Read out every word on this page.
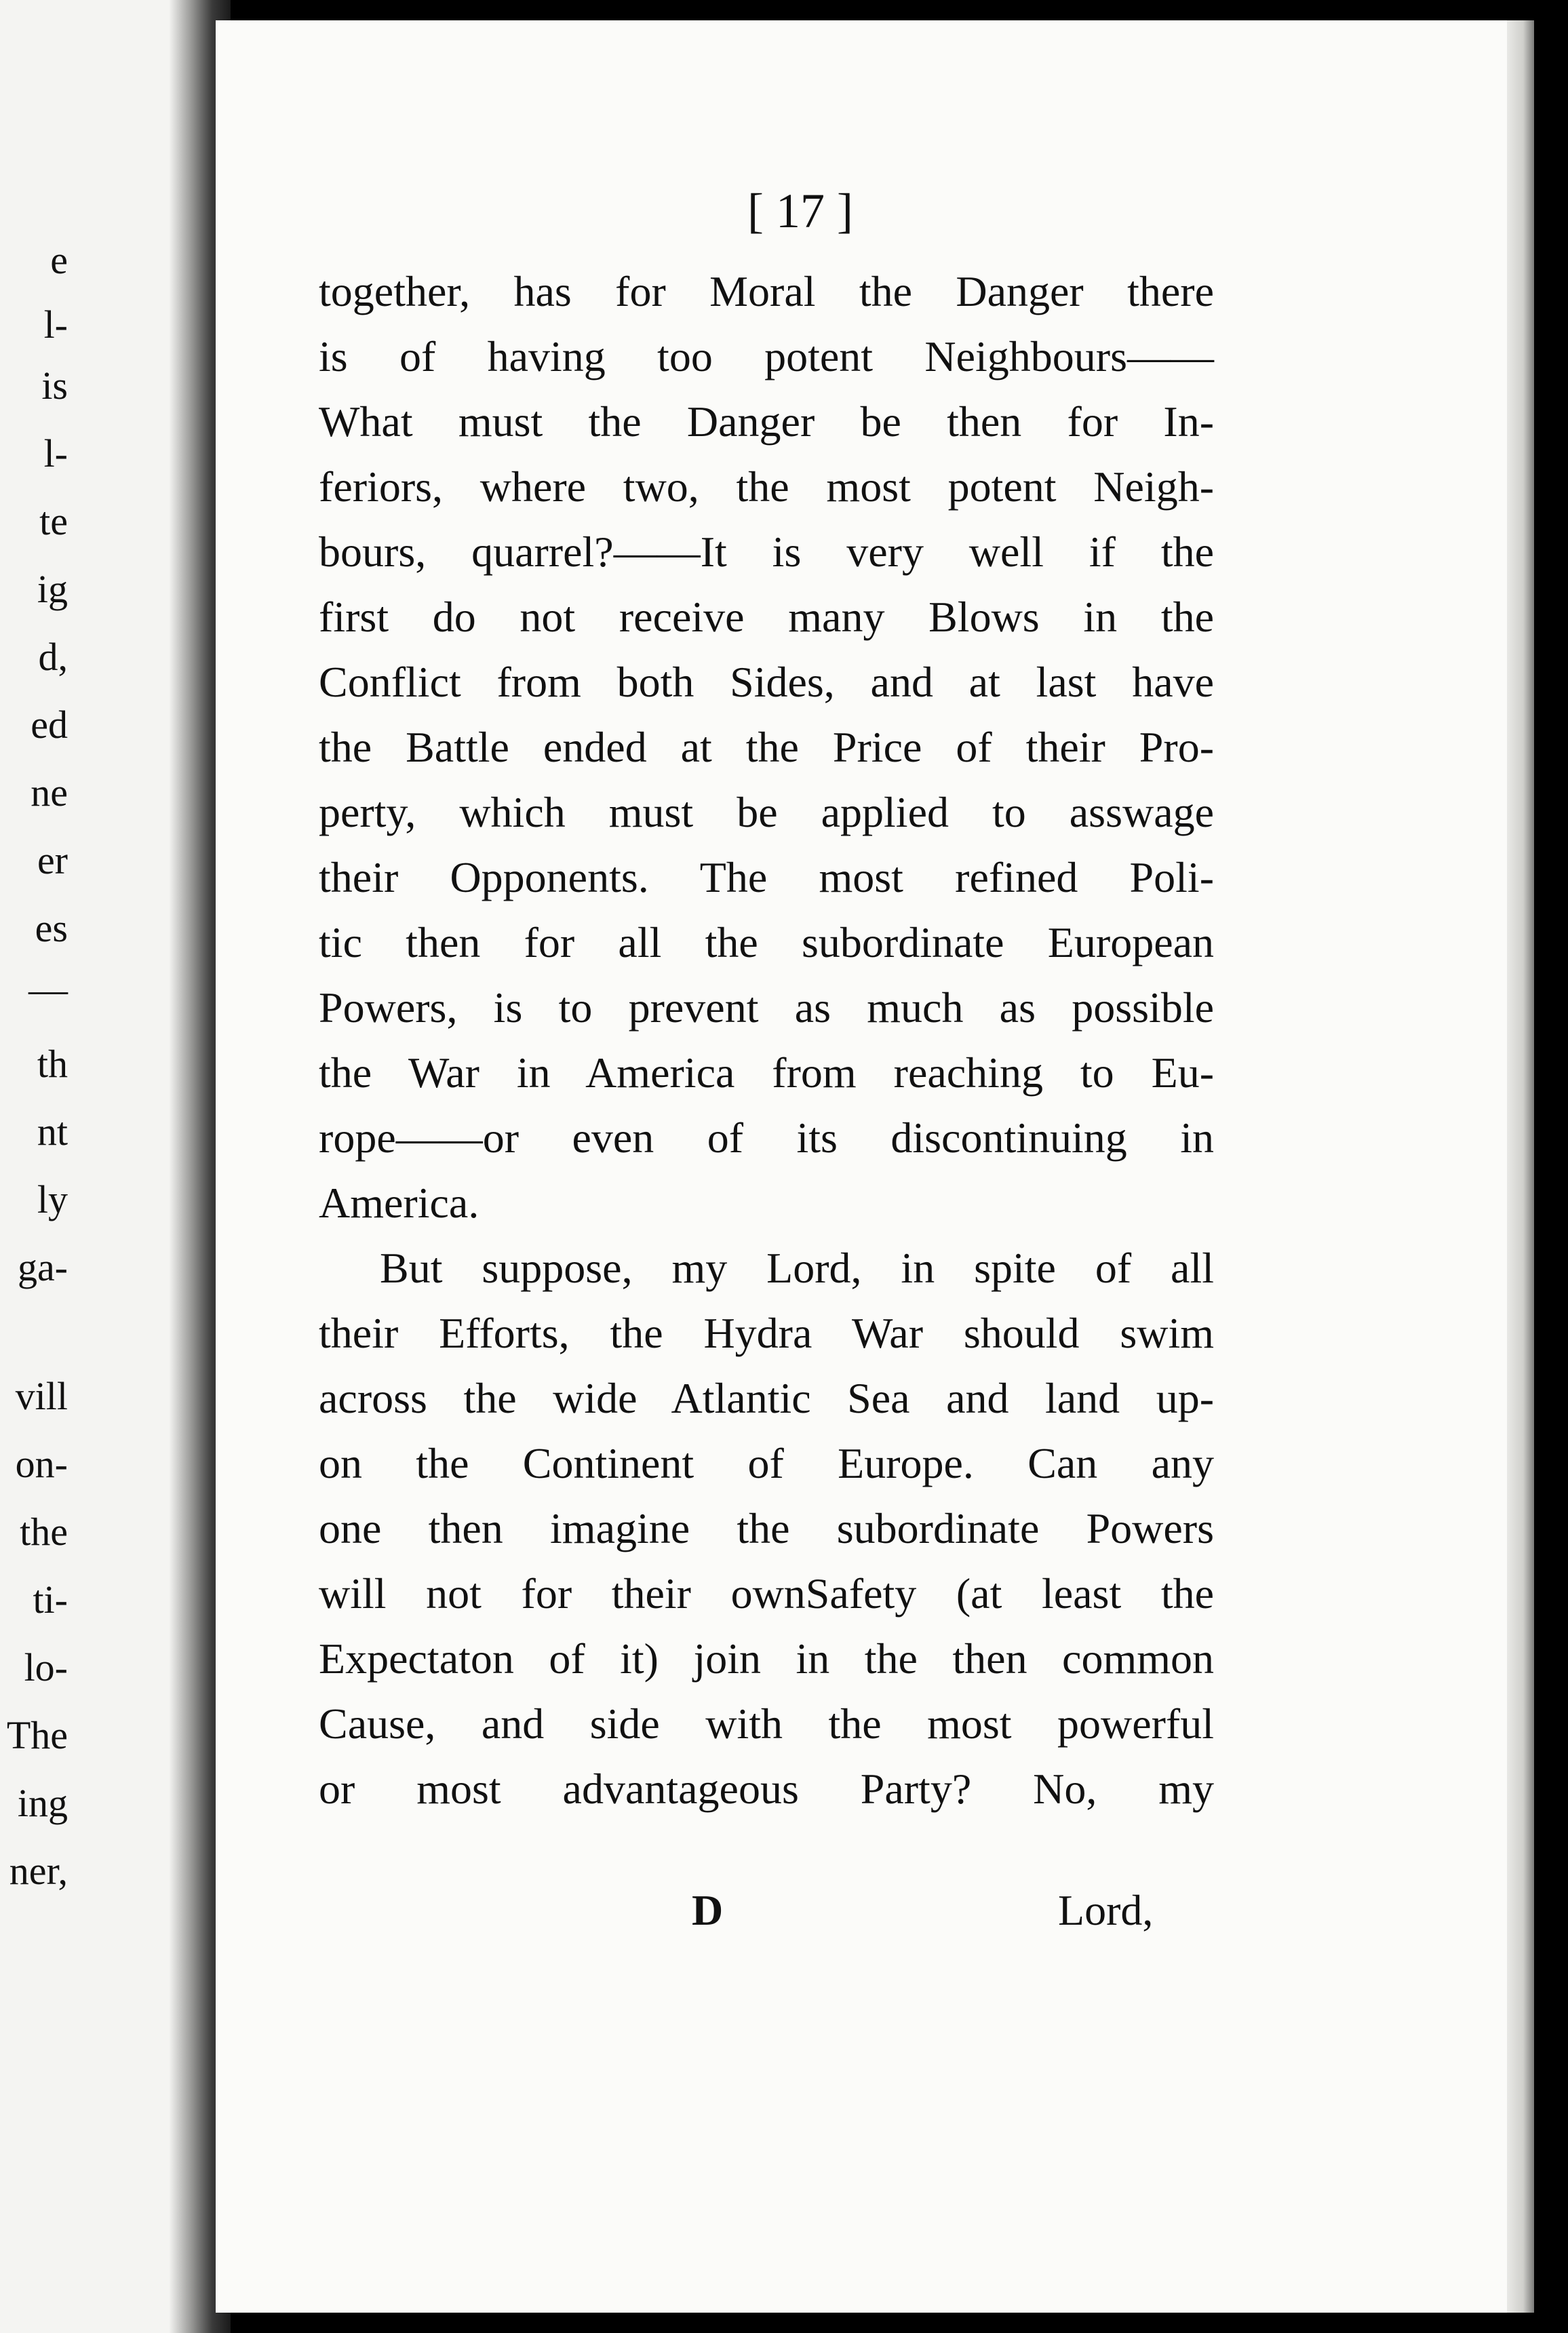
e
l-
is
l-
te
ig
d,
ed
ne
er
es
—
th
nt
ly
ga-
vill
on-
the
ti-
lo-
The
ing
ner,
[ 17 ]
together, has for Moral the Danger there
is of having too potent Neighbours——
What must the Danger be then for In-
feriors, where two, the most potent Neigh-
bours, quarrel?——It is very well if the
first do not receive many Blows in the
Conflict from both Sides, and at last have
the Battle ended at the Price of their Pro-
perty, which must be applied to asswage
their Opponents. The most refined Poli-
tic then for all the subordinate European
Powers, is to prevent as much as possible
the War in America from reaching to Eu-
rope——or even of its discontinuing in
America.
But suppose, my Lord, in spite of all
their Efforts, the Hydra War should swim
across the wide Atlantic Sea and land up-
on the Continent of Europe. Can any
one then imagine the subordinate Powers
will not for their ownSafety (at least the
Expectaton of it) join in the then common
Cause, and side with the most powerful
or most advantageous Party? No, my
D	Lord,
